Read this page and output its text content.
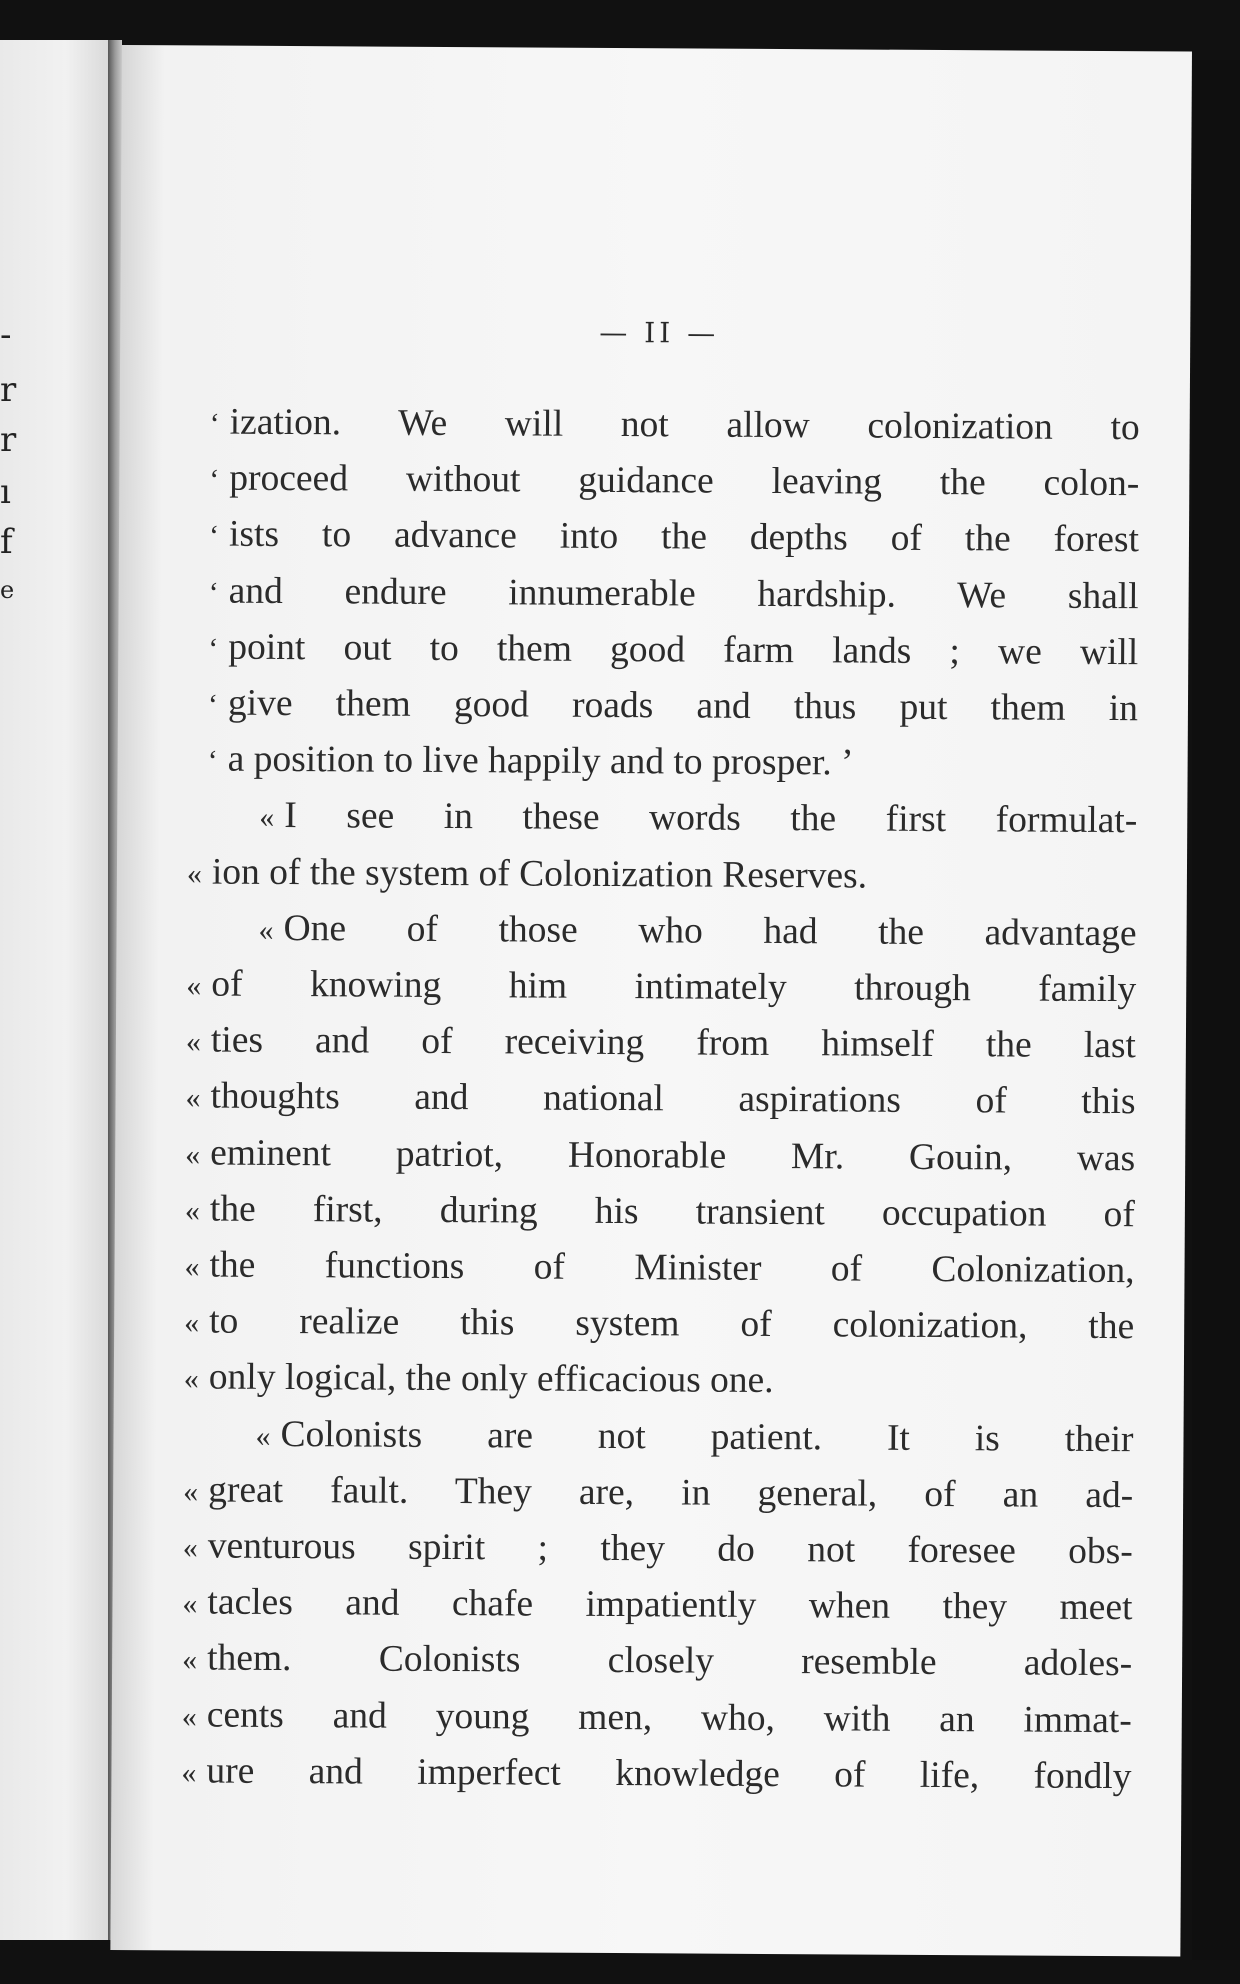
-
r
r
ı
f
e
— II —
‘ ization. We will not allow colonization to
‘ proceed without guidance leaving the colon-
‘ ists to advance into the depths of the forest
‘ and endure innumerable hardship. We shall
‘ point out to them good farm lands ; we will
‘ give them good roads and thus put them in
‘ a position to live happily and to prosper. ’
« I see in these words the first formulat-
« ion of the system of Colonization Reserves.
« One of those who had the advantage
« of knowing him intimately through family
« ties and of receiving from himself the last
« thoughts and national aspirations of this
« eminent patriot, Honorable Mr. Gouin, was
« the first, during his transient occupation of
« the functions of Minister of Colonization,
« to realize this system of colonization, the
« only logical, the only efficacious one.
« Colonists are not patient. It is their
« great fault. They are, in general, of an ad-
« venturous spirit ; they do not foresee obs-
« tacles and chafe impatiently when they meet
« them. Colonists closely resemble adoles-
« cents and young men, who, with an immat-
« ure and imperfect knowledge of life, fondly
